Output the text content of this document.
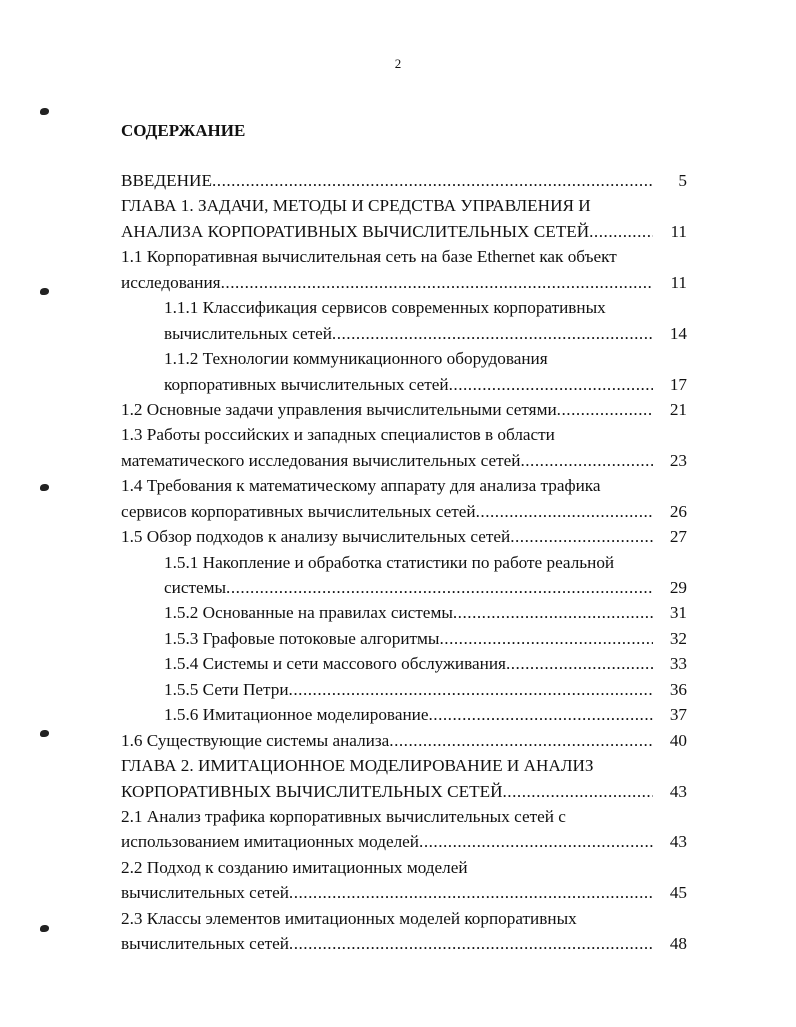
2
СОДЕРЖАНИЕ
ВВЕДЕНИЕ .....	5
ГЛАВА 1. ЗАДАЧИ, МЕТОДЫ И СРЕДСТВА УПРАВЛЕНИЯ И
АНАЛИЗА КОРПОРАТИВНЫХ ВЫЧИСЛИТЕЛЬНЫХ СЕТЕЙ .....	11
1.1 Корпоративная вычислительная сеть на базе Ethernet как объект
исследования .....	11
1.1.1 Классификация сервисов современных корпоративных
вычислительных сетей .....	14
1.1.2 Технологии коммуникационного оборудования
корпоративных вычислительных сетей .....	17
1.2 Основные задачи управления вычислительными сетями .....	21
1.3 Работы российских и западных специалистов в области
математического исследования вычислительных сетей .....	23
1.4 Требования к математическому аппарату для анализа трафика
сервисов корпоративных вычислительных сетей .....	26
1.5 Обзор подходов к анализу вычислительных сетей .....	27
1.5.1 Накопление и обработка статистики по работе реальной
системы .....	29
1.5.2 Основанные на правилах системы .....	31
1.5.3 Графовые потоковые алгоритмы .....	32
1.5.4 Системы и сети массового обслуживания .....	33
1.5.5 Сети Петри .....	36
1.5.6 Имитационное моделирование .....	37
1.6 Существующие системы анализа .....	40
ГЛАВА 2. ИМИТАЦИОННОЕ МОДЕЛИРОВАНИЕ И АНАЛИЗ
КОРПОРАТИВНЫХ ВЫЧИСЛИТЕЛЬНЫХ СЕТЕЙ .....	43
2.1 Анализ трафика корпоративных вычислительных сетей с
использованием имитационных моделей .....	43
2.2 Подход к созданию имитационных моделей
вычислительных сетей .....	45
2.3 Классы элементов имитационных моделей корпоративных
вычислительных сетей .....	48
